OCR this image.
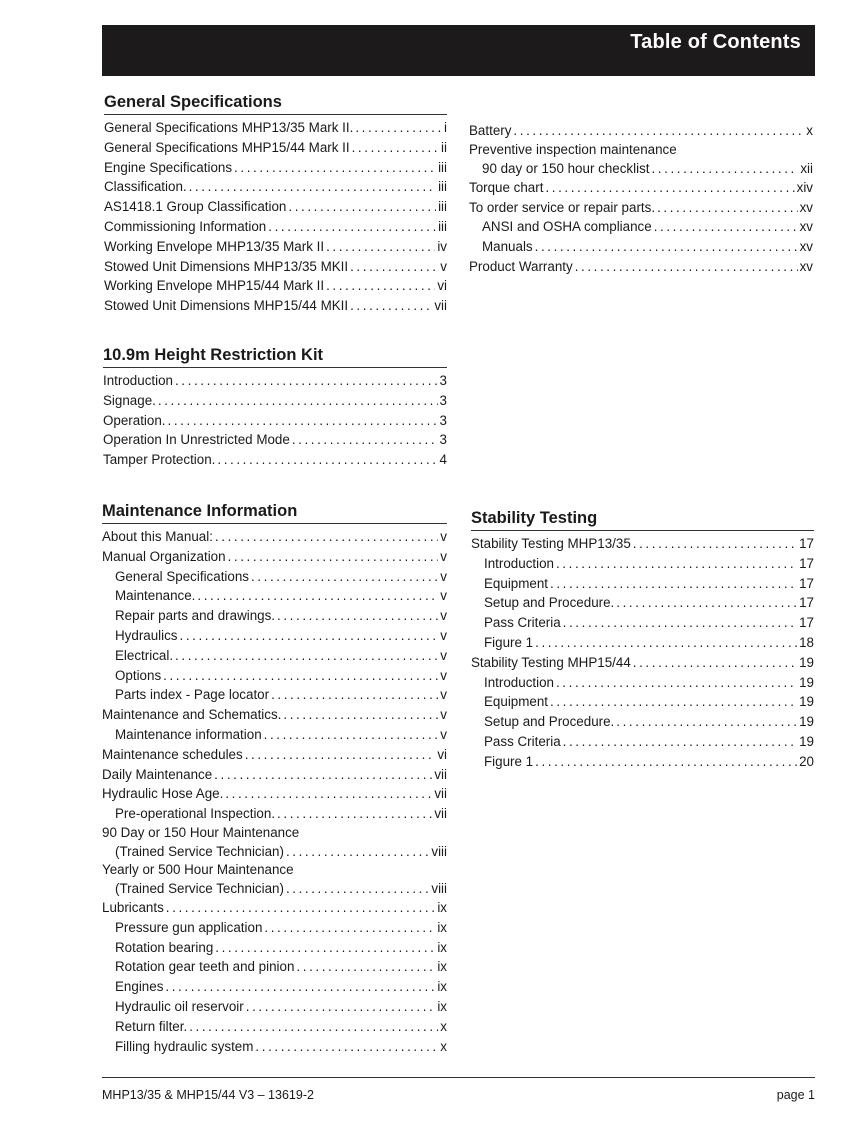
Table of Contents
General Specifications
General Specifications MHP13/35 Mark II. .....	i
General Specifications MHP15/44 Mark II .....	ii
Engine Specifications .....	iii
Classification. .....	iii
AS1418.1 Group Classification .....	iii
Commissioning Information .....	iii
Working Envelope MHP13/35 Mark II .....	iv
Stowed Unit Dimensions MHP13/35 MKII .....	v
Working Envelope MHP15/44 Mark II .....	vi
Stowed Unit Dimensions MHP15/44 MKII .....	vii
Battery .....	x
Preventive inspection maintenance
90 day or 150 hour checklist .....	xii
Torque chart .....	xiv
To order service or repair parts. .....	xv
ANSI and OSHA compliance .....	xv
Manuals .....	xv
Product Warranty .....	xv
10.9m Height Restriction Kit
Introduction .....	3
Signage. .....	3
Operation. .....	3
Operation In Unrestricted Mode .....	3
Tamper Protection. .....	4
Maintenance Information
About this Manual: .....	v
Manual Organization .....	v
General Specifications .....	v
Maintenance. .....	v
Repair parts and drawings. .....	v
Hydraulics .....	v
Electrical. .....	v
Options .....	v
Parts index - Page locator .....	v
Maintenance and Schematics. .....	v
Maintenance information .....	v
Maintenance schedules .....	vi
Daily Maintenance .....	vii
Hydraulic Hose Age. .....	vii
Pre-operational Inspection. .....	vii
90 Day or 150 Hour Maintenance
(Trained Service Technician) .....	viii
Yearly or 500 Hour Maintenance
(Trained Service Technician) .....	viii
Lubricants .....	ix
Pressure gun application .....	ix
Rotation bearing .....	ix
Rotation gear teeth and pinion .....	ix
Engines .....	ix
Hydraulic oil reservoir .....	ix
Return filter. .....	x
Filling hydraulic system .....	x
Stability Testing
Stability Testing MHP13/35 .....	17
Introduction .....	17
Equipment .....	17
Setup and Procedure. .....	17
Pass Criteria .....	17
Figure 1 .....	18
Stability Testing MHP15/44 .....	19
Introduction .....	19
Equipment .....	19
Setup and Procedure. .....	19
Pass Criteria .....	19
Figure 1 .....	20
MHP13/35 & MHP15/44 V3 – 13619-2	page 1
